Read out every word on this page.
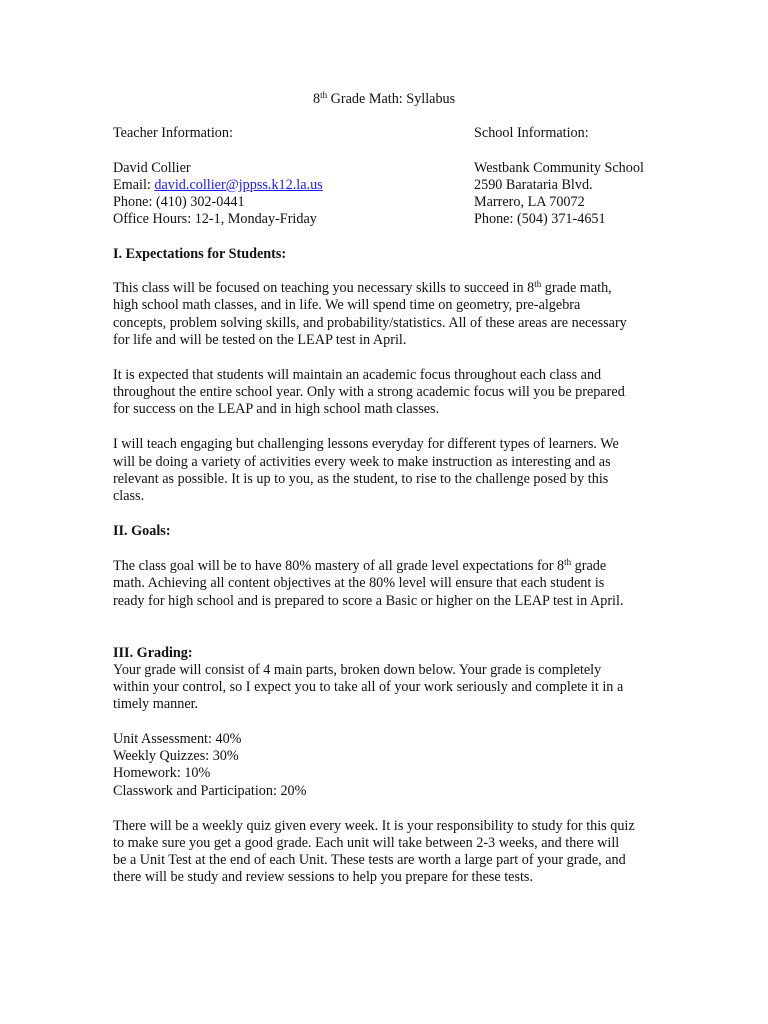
8th Grade Math: Syllabus
Teacher Information:	School Information:
David Collier	Westbank Community School
Email: david.collier@jppss.k12.la.us	2590 Barataria Blvd.
Phone: (410) 302-0441	Marrero, LA 70072
Office Hours: 12-1, Monday-Friday	Phone: (504) 371-4651
I. Expectations for Students:
This class will be focused on teaching you necessary skills to succeed in 8th grade math,
high school math classes, and in life. We will spend time on geometry, pre-algebra
concepts, problem solving skills, and probability/statistics. All of these areas are necessary
for life and will be tested on the LEAP test in April.
It is expected that students will maintain an academic focus throughout each class and
throughout the entire school year. Only with a strong academic focus will you be prepared
for success on the LEAP and in high school math classes.
I will teach engaging but challenging lessons everyday for different types of learners. We
will be doing a variety of activities every week to make instruction as interesting and as
relevant as possible. It is up to you, as the student, to rise to the challenge posed by this
class.
II. Goals:
The class goal will be to have 80% mastery of all grade level expectations for 8th grade
math. Achieving all content objectives at the 80% level will ensure that each student is
ready for high school and is prepared to score a Basic or higher on the LEAP test in April.
III. Grading:
Your grade will consist of 4 main parts, broken down below. Your grade is completely
within your control, so I expect you to take all of your work seriously and complete it in a
timely manner.
Unit Assessment: 40%
Weekly Quizzes: 30%
Homework: 10%
Classwork and Participation: 20%
There will be a weekly quiz given every week. It is your responsibility to study for this quiz
to make sure you get a good grade. Each unit will take between 2-3 weeks, and there will
be a Unit Test at the end of each Unit. These tests are worth a large part of your grade, and
there will be study and review sessions to help you prepare for these tests.
